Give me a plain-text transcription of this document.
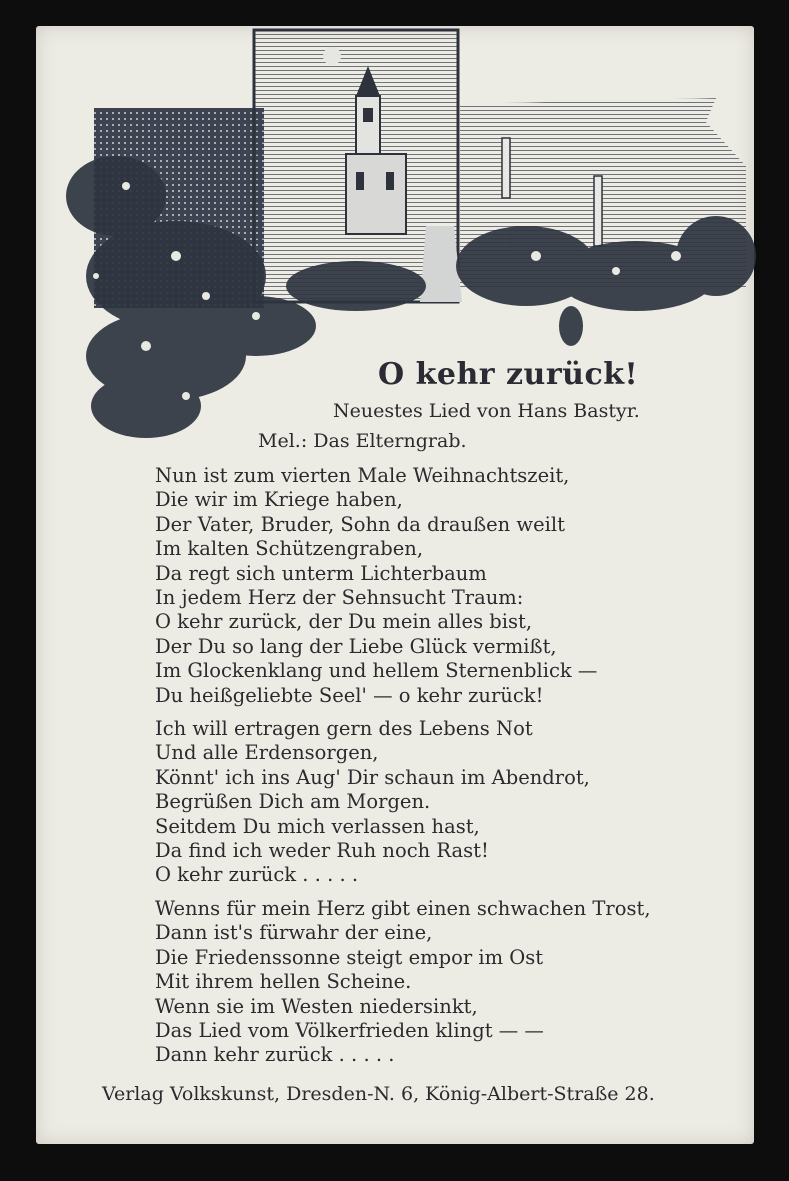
O kehr zurück!
Neuestes Lied von Hans Bastyr.
Mel.: Das Elterngrab.
Nun ist zum vierten Male Weihnachtszeit,
Die wir im Kriege haben,
Der Vater, Bruder, Sohn da draußen weilt
Im kalten Schützengraben,
Da regt sich unterm Lichterbaum
In jedem Herz der Sehnsucht Traum:
O kehr zurück, der Du mein alles bist,
Der Du so lang der Liebe Glück vermißt,
Im Glockenklang und hellem Sternenblick —
Du heißgeliebte Seel' — o kehr zurück!
Ich will ertragen gern des Lebens Not
Und alle Erdensorgen,
Könnt' ich ins Aug' Dir schaun im Abendrot,
Begrüßen Dich am Morgen.
Seitdem Du mich verlassen hast,
Da find ich weder Ruh noch Rast!
O kehr zurück . . . . .
Wenns für mein Herz gibt einen schwachen Trost,
Dann ist's fürwahr der eine,
Die Friedenssonne steigt empor im Ost
Mit ihrem hellen Scheine.
Wenn sie im Westen niedersinkt,
Das Lied vom Völkerfrieden klingt — —
Dann kehr zurück . . . . .
Verlag Volkskunst, Dresden-N. 6, König-Albert-Straße 28.
